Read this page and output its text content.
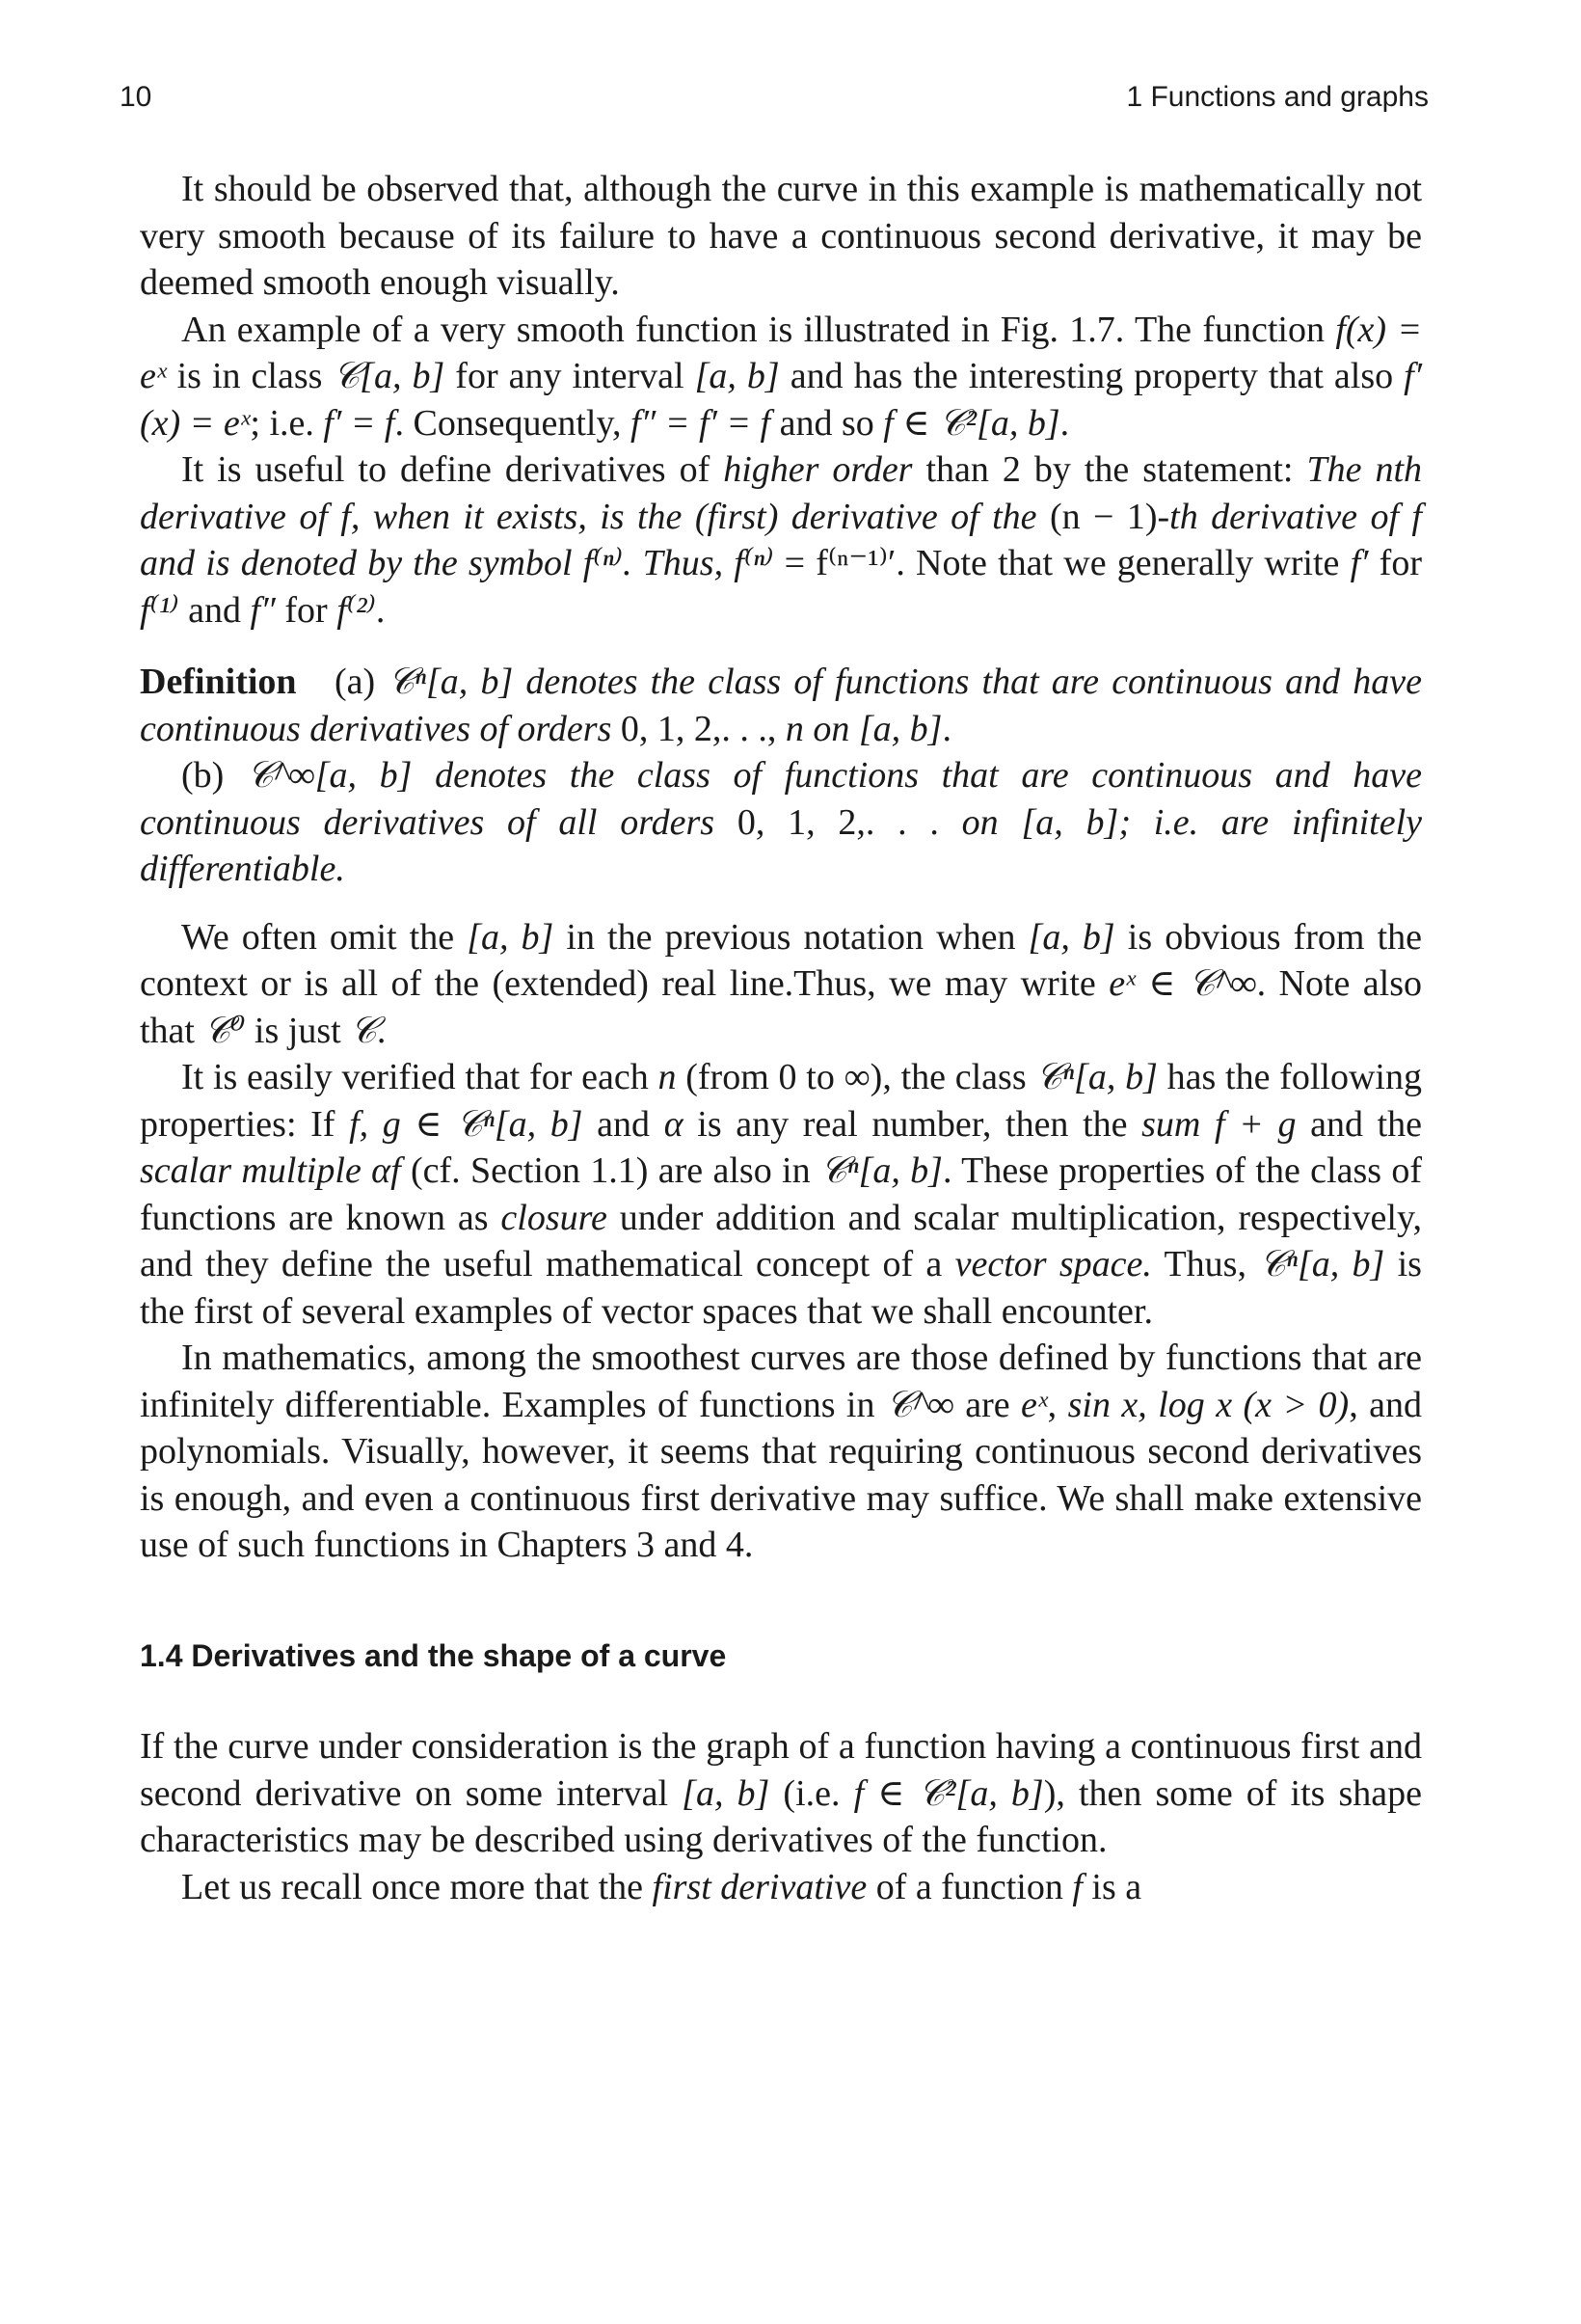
10	1 Functions and graphs

It should be observed that, although the curve in this example is mathematically not very smooth because of its failure to have a continuous second derivative, it may be deemed smooth enough visually.

An example of a very smooth function is illustrated in Fig. 1.7. The function f(x) = eˣ is in class 𝒞[a, b] for any interval [a, b] and has the interesting property that also f′(x) = eˣ; i.e. f′ = f. Consequently, f″ = f′ = f and so f ∈ 𝒞²[a, b].

It is useful to define derivatives of higher order than 2 by the statement: The nth derivative of f, when it exists, is the (first) derivative of the (n − 1)-th derivative of f and is denoted by the symbol f⁽ⁿ⁾. Thus, f⁽ⁿ⁾ = f⁽ⁿ⁻¹⁾′. Note that we generally write f′ for f⁽¹⁾ and f″ for f⁽²⁾.

Definition (a) 𝒞ⁿ[a, b] denotes the class of functions that are continuous and have continuous derivatives of orders 0, 1, 2,. . ., n on [a, b].

(b) 𝒞^∞[a, b] denotes the class of functions that are continuous and have continuous derivatives of all orders 0, 1, 2,. . . on [a, b]; i.e. are infinitely differentiable.

We often omit the [a, b] in the previous notation when [a, b] is obvious from the context or is all of the (extended) real line.Thus, we may write eˣ ∈ 𝒞^∞. Note also that 𝒞⁰ is just 𝒞.

It is easily verified that for each n (from 0 to ∞), the class 𝒞ⁿ[a, b] has the following properties: If f, g ∈ 𝒞ⁿ[a, b] and α is any real number, then the sum f + g and the scalar multiple αf (cf. Section 1.1) are also in 𝒞ⁿ[a, b]. These properties of the class of functions are known as closure under addition and scalar multiplication, respectively, and they define the useful mathematical concept of a vector space. Thus, 𝒞ⁿ[a, b] is the first of several examples of vector spaces that we shall encounter.

In mathematics, among the smoothest curves are those defined by functions that are infinitely differentiable. Examples of functions in 𝒞^∞ are eˣ, sin x, log x (x > 0), and polynomials. Visually, however, it seems that requiring continuous second derivatives is enough, and even a continuous first derivative may suffice. We shall make extensive use of such functions in Chapters 3 and 4.

1.4 Derivatives and the shape of a curve

If the curve under consideration is the graph of a function having a continuous first and second derivative on some interval [a, b] (i.e. f ∈ 𝒞²[a, b]), then some of its shape characteristics may be described using derivatives of the function.

Let us recall once more that the first derivative of a function f is a
